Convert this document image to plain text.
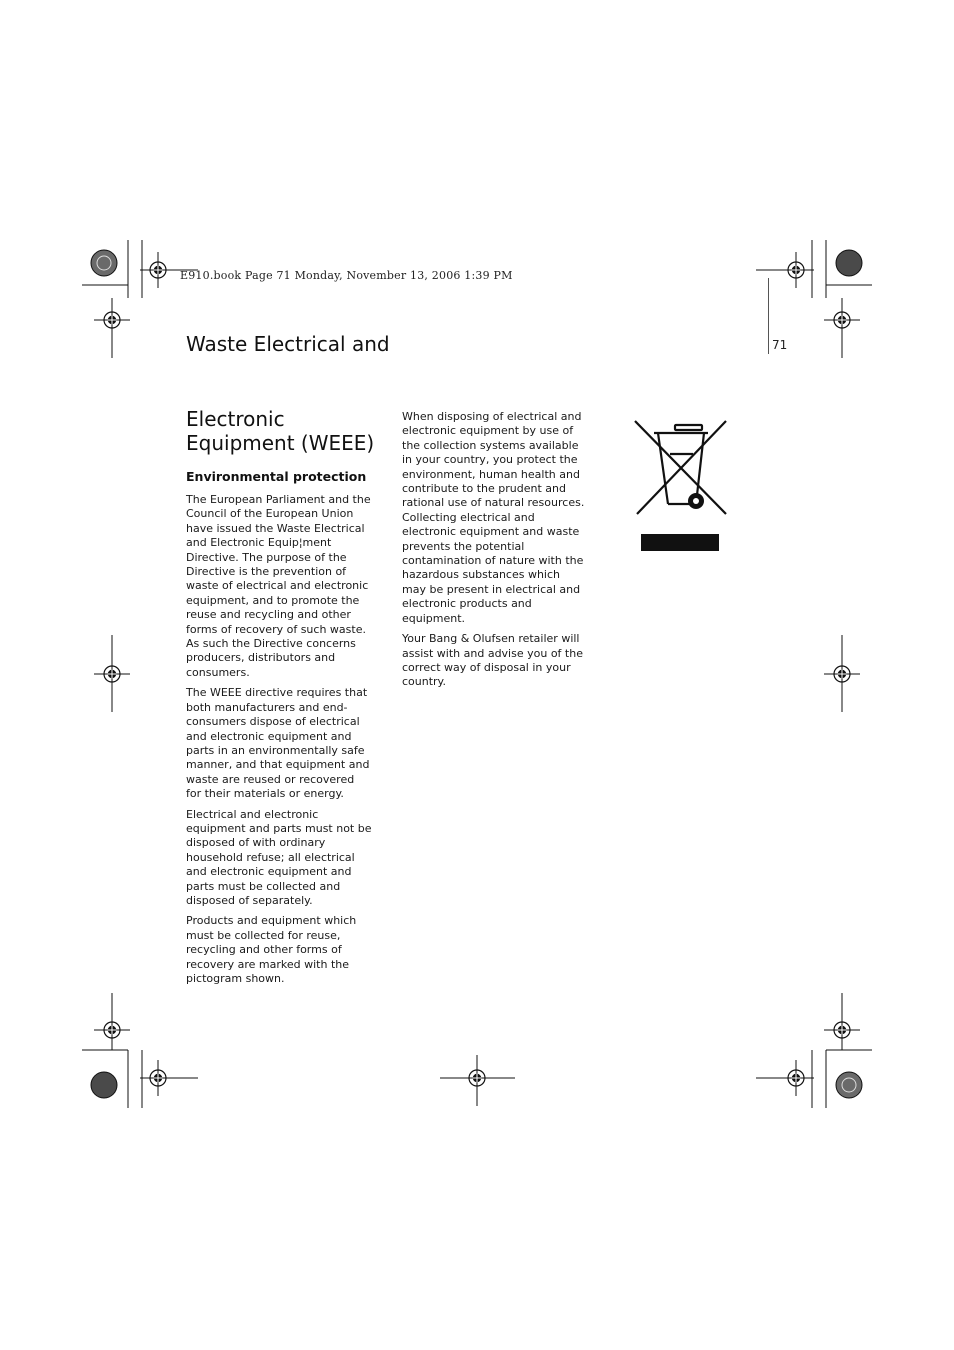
E910.book Page 71 Monday, November 13, 2006 1:39 PM
71
Waste Electrical and
Electronic Equipment (WEEE)
Environmental protection

The European Parliament and the Council of the European Union have issued the Waste Electrical and Electronic Equip¦ment Directive. The purpose of the Directive is the prevention of waste of electrical and electronic equipment, and to promote the reuse and recycling and other forms of recovery of such waste. As such the Directive concerns producers, distributors and consumers.

The WEEE directive requires that both manufacturers and end-consumers dispose of electrical and electronic equipment and parts in an environmentally safe manner, and that equipment and waste are reused or recovered for their materials or energy.

Electrical and electronic equipment and parts must not be disposed of with ordinary household refuse; all electrical and electronic equipment and parts must be collected and disposed of separately.

Products and equipment which must be collected for reuse, recycling and other forms of recovery are marked with the pictogram shown.

When disposing of electrical and electronic equipment by use of the collection systems available in your country, you protect the environment, human health and contribute to the prudent and rational use of natural resources. Collecting electrical and electronic equipment and waste prevents the potential contamination of nature with the hazardous substances which may be present in electrical and electronic products and equipment.

Your Bang & Olufsen retailer will assist with and advise you of the correct way of disposal in your country.
